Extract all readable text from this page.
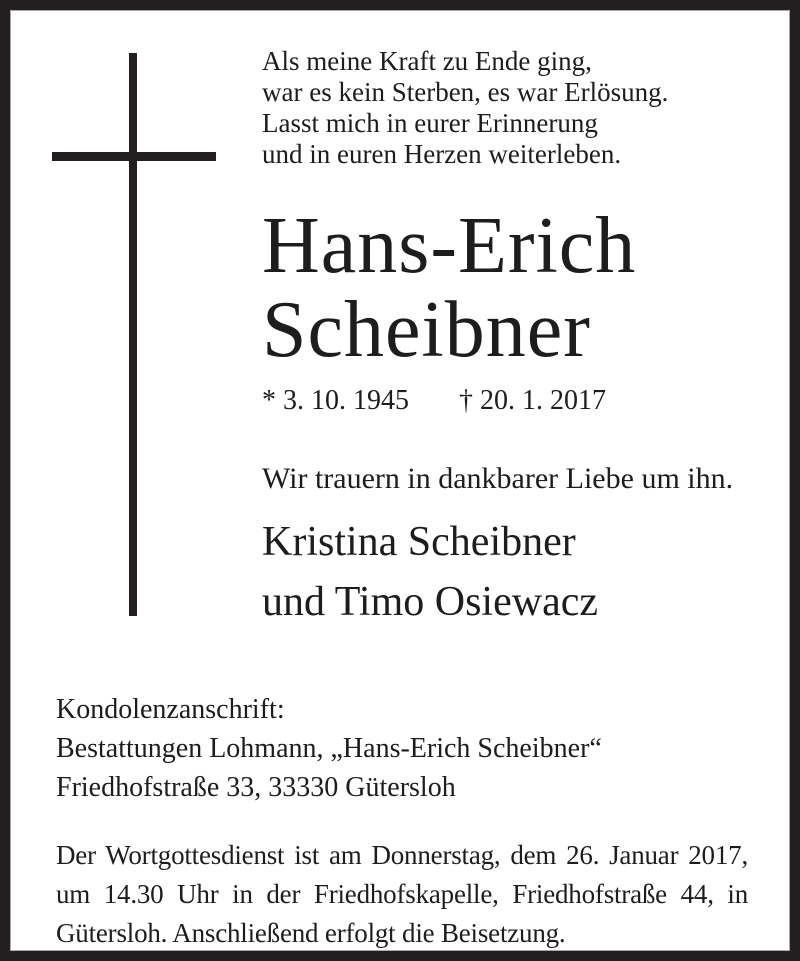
Als meine Kraft zu Ende ging,
war es kein Sterben, es war Erlösung.
Lasst mich in eurer Erinnerung
und in euren Herzen weiterleben.
Hans-Erich
Scheibner
* 3. 10. 1945 † 20. 1. 2017
Wir trauern in dankbarer Liebe um ihn.
Kristina Scheibner
und Timo Osiewacz
Kondolenzanschrift:
Bestattungen Lohmann, „Hans-Erich Scheibner“
Friedhofstraße 33, 33330 Gütersloh
Der Wortgottesdienst ist am Donnerstag, dem 26. Januar 2017,
um 14.30 Uhr in der Friedhofskapelle, Friedhofstraße 44, in
Gütersloh. Anschließend erfolgt die Beisetzung.
